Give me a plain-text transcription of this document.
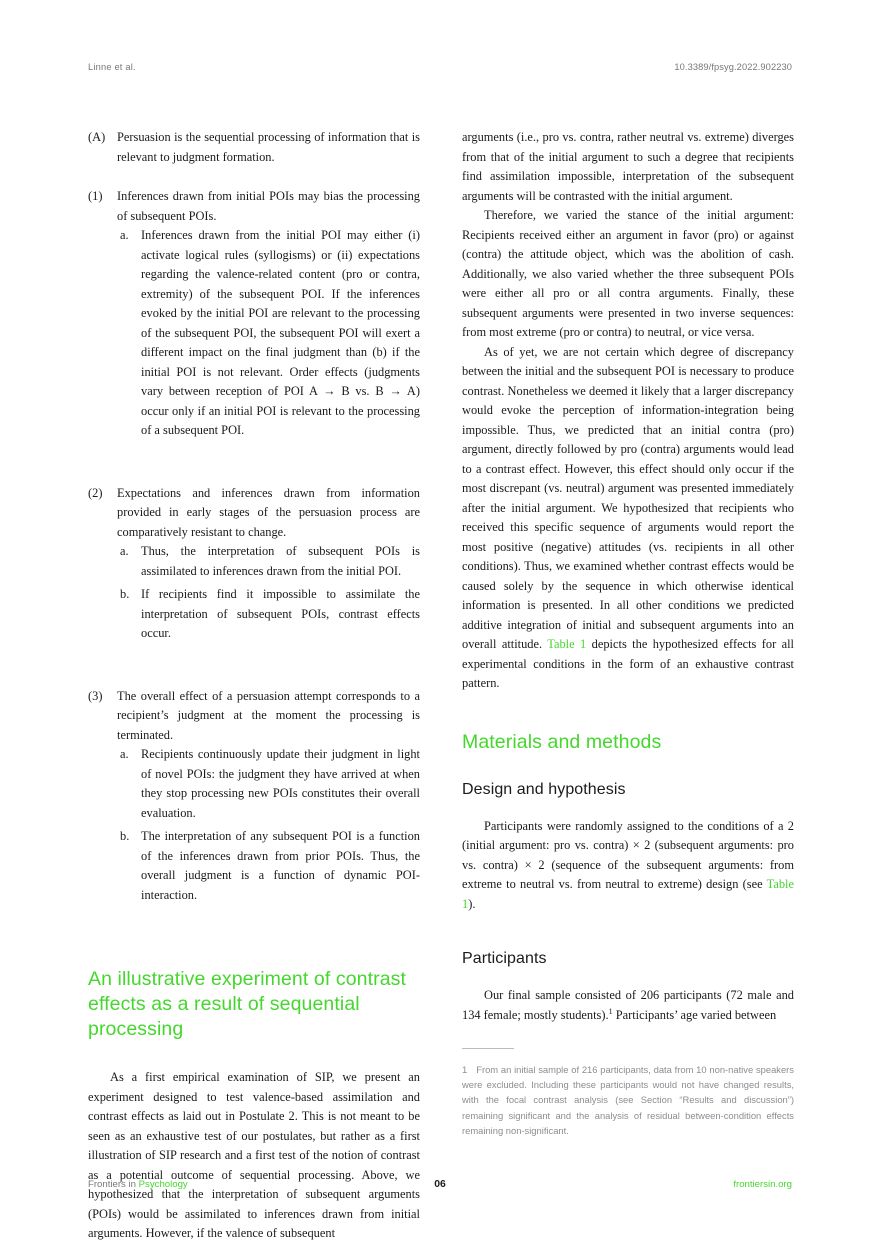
Linne et al.	10.3389/fpsyg.2022.902230
(A) Persuasion is the sequential processing of information that is relevant to judgment formation.
(1)	Inferences drawn from initial POIs may bias the processing of subsequent POIs.
a. Inferences drawn from the initial POI may either (i) activate logical rules (syllogisms) or (ii) expectations regarding the valence-related content (pro or contra, extremity) of the subsequent POI. If the inferences evoked by the initial POI are relevant to the processing of the subsequent POI, the subsequent POI will exert a different impact on the final judgment than (b) if the initial POI is not relevant. Order effects (judgments vary between reception of POI A → B vs. B → A) occur only if an initial POI is relevant to the processing of a subsequent POI.
(2)	Expectations and inferences drawn from information provided in early stages of the persuasion process are comparatively resistant to change.
a. Thus, the interpretation of subsequent POIs is assimilated to inferences drawn from the initial POI.
b. If recipients find it impossible to assimilate the interpretation of subsequent POIs, contrast effects occur.
(3)	The overall effect of a persuasion attempt corresponds to a recipient’s judgment at the moment the processing is terminated.
a. Recipients continuously update their judgment in light of novel POIs: the judgment they have arrived at when they stop processing new POIs constitutes their overall evaluation.
b. The interpretation of any subsequent POI is a function of the inferences drawn from prior POIs. Thus, the overall judgment is a function of dynamic POI-interaction.
An illustrative experiment of contrast effects as a result of sequential processing

As a first empirical examination of SIP, we present an experiment designed to test valence-based assimilation and contrast effects as laid out in Postulate 2. This is not meant to be seen as an exhaustive test of our postulates, but rather as a first illustration of SIP research and a first test of the notion of contrast as a potential outcome of sequential processing. Above, we hypothesized that the interpretation of subsequent arguments (POIs) would be assimilated to inferences drawn from initial arguments. However, if the valence of subsequent

arguments (i.e., pro vs. contra, rather neutral vs. extreme) diverges from that of the initial argument to such a degree that recipients find assimilation impossible, interpretation of the subsequent arguments will be contrasted with the initial argument.

Therefore, we varied the stance of the initial argument: Recipients received either an argument in favor (pro) or against (contra) the attitude object, which was the abolition of cash. Additionally, we also varied whether the three subsequent POIs were either all pro or all contra arguments. Finally, these subsequent arguments were presented in two inverse sequences: from most extreme (pro or contra) to neutral, or vice versa.

As of yet, we are not certain which degree of discrepancy between the initial and the subsequent POI is necessary to produce contrast. Nonetheless we deemed it likely that a larger discrepancy would evoke the perception of information-integration being impossible. Thus, we predicted that an initial contra (pro) argument, directly followed by pro (contra) arguments would lead to a contrast effect. However, this effect should only occur if the most discrepant (vs. neutral) argument was presented immediately after the initial argument. We hypothesized that recipients who received this specific sequence of arguments would report the most positive (negative) attitudes (vs. recipients in all other conditions). Thus, we examined whether contrast effects would be caused solely by the sequence in which otherwise identical information is presented. In all other conditions we predicted additive integration of initial and subsequent arguments into an overall attitude. Table 1 depicts the hypothesized effects for all experimental conditions in the form of an exhaustive contrast pattern.

Materials and methods
Design and hypothesis

Participants were randomly assigned to the conditions of a 2 (initial argument: pro vs. contra) × 2 (subsequent arguments: pro vs. contra) × 2 (sequence of the subsequent arguments: from extreme to neutral vs. from neutral to extreme) design (see Table 1).

Participants

Our final sample consisted of 206 participants (72 male and 134 female; mostly students).$^1$ Participants’ age varied between

1 From an initial sample of 216 participants, data from 10 non-native speakers were excluded. Including these participants would not have changed results, with the focal contrast analysis (see Section “Results and discussion”) remaining significant and the analysis of residual between-condition effects remaining non-significant.

Frontiers in Psychology	06	frontiersin.org
